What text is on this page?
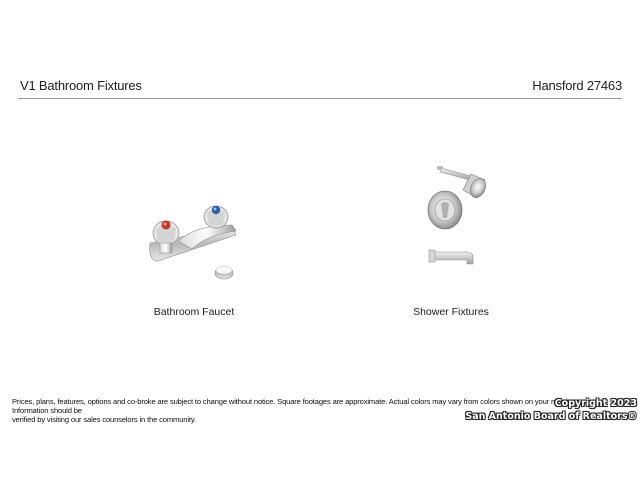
V1 Bathroom Fixtures	Hansford 27463
Bathroom Faucet	Shower Fixtures
Prices, plans, features, options and co-broke are subject to change without notice. Square footages are approximate. Actual colors may vary from colors shown on your monitor. Information should be
verified by visiting our sales counselors in the community.
Copyright 2023
San Antonio Board of Realtors®
